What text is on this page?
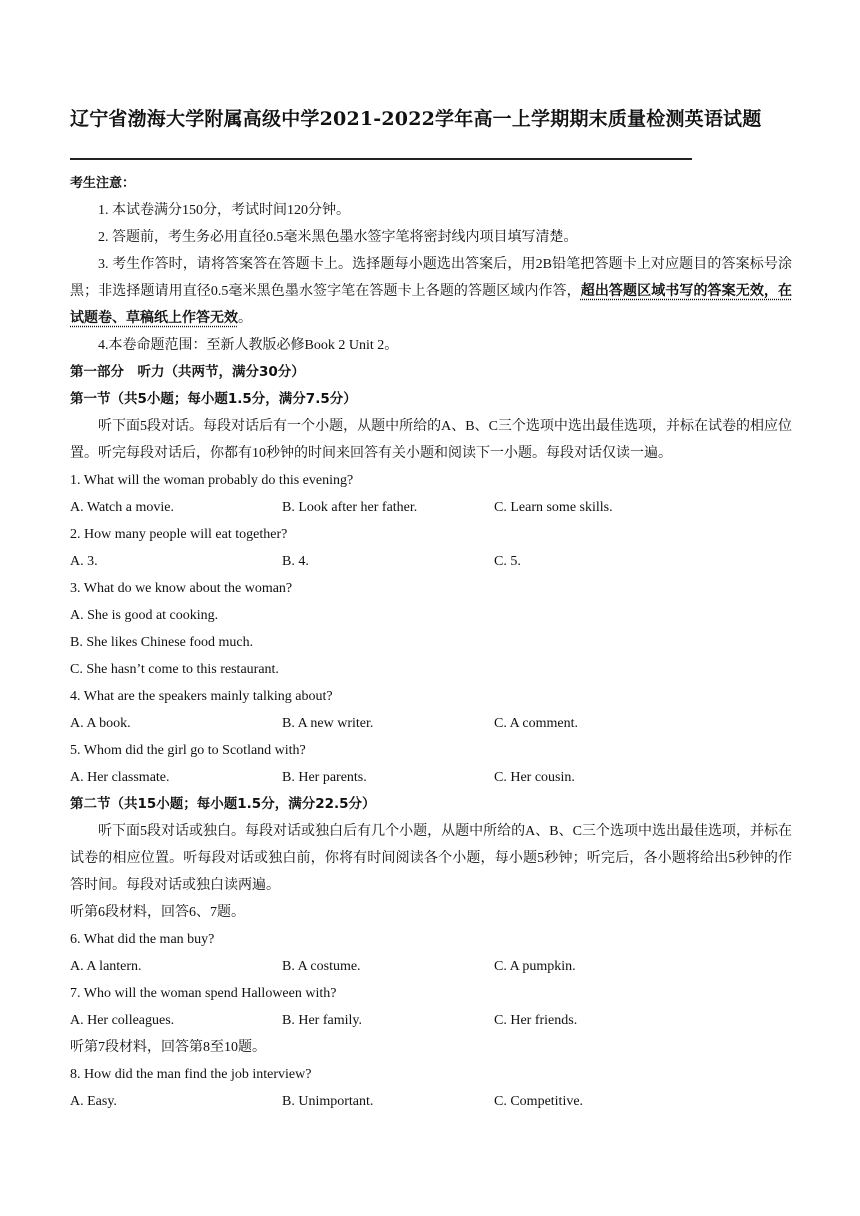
辽宁省渤海大学附属高级中学2021-2022学年高一上学期期末质量检测英语试题
考生注意：
1. 本试卷满分150分，考试时间120分钟。
2. 答题前，考生务必用直径0.5毫米黑色墨水签字笔将密封线内项目填写清楚。
3. 考生作答时，请将答案答在答题卡上。选择题每小题选出答案后，用2B铅笔把答题卡上对应题目的答案标号涂黑；非选择题请用直径0.5毫米黑色墨水签字笔在答题卡上各题的答题区域内作答，超出答题区域书写的答案无效，在试题卷、草稿纸上作答无效。
4.本卷命题范围：至新人教版必修Book 2 Unit 2。
第一部分　听力（共两节，满分30分）
第一节（共5小题；每小题1.5分，满分7.5分）
听下面5段对话。每段对话后有一个小题，从题中所给的A、B、C三个选项中选出最佳选项，并标在试卷的相应位置。听完每段对话后，你都有10秒钟的时间来回答有关小题和阅读下一小题。每段对话仅读一遍。
1. What will the woman probably do this evening?
A. Watch a movie.	B. Look after her father.	C. Learn some skills.
2. How many people will eat together?
A. 3.	B. 4.	C. 5.
3. What do we know about the woman?
A. She is good at cooking.
B. She likes Chinese food much.
C. She hasn’t come to this restaurant.
4. What are the speakers mainly talking about?
A. A book.	B. A new writer.	C. A comment.
5. Whom did the girl go to Scotland with?
A. Her classmate.	B. Her parents.	C. Her cousin.
第二节（共15小题；每小题1.5分，满分22.5分）
听下面5段对话或独白。每段对话或独白后有几个小题，从题中所给的A、B、C三个选项中选出最佳选项，并标在试卷的相应位置。听每段对话或独白前，你将有时间阅读各个小题，每小题5秒钟；听完后，各小题将给出5秒钟的作答时间。每段对话或独白读两遍。
听第6段材料，回答6、7题。
6. What did the man buy?
A. A lantern.	B. A costume.	C. A pumpkin.
7. Who will the woman spend Halloween with?
A. Her colleagues.	B. Her family.	C. Her friends.
听第7段材料，回答第8至10题。
8. How did the man find the job interview?
A. Easy.	B. Unimportant.	C. Competitive.
